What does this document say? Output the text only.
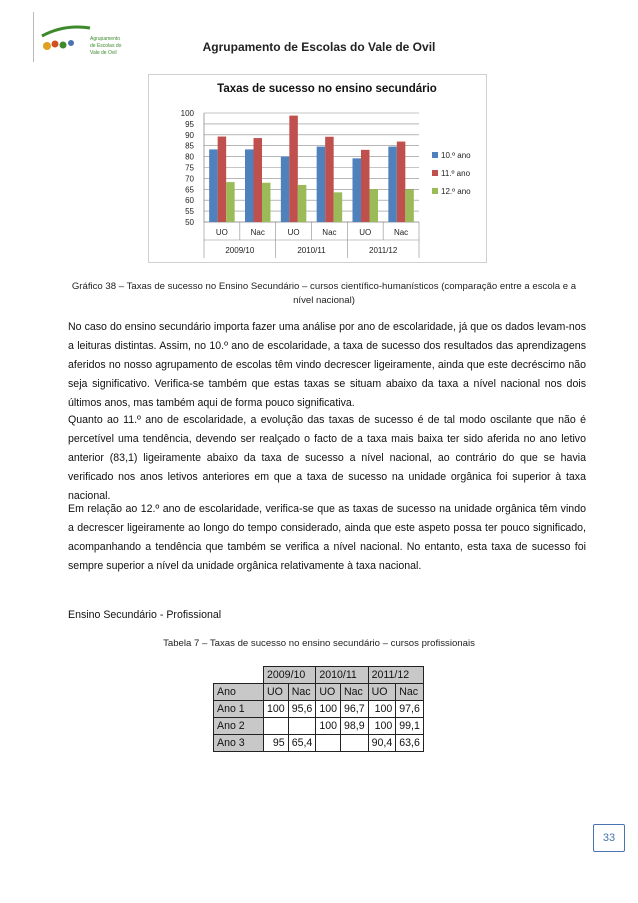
Agrupamento
de Escolas do
Vale de Ovil	Agrupamento de Escolas do Vale de Ovil
Taxas de sucesso no ensino secundário
50
55
60
65
70
75
80
85
90
95
100
UO	Nac	UO	Nac	UO	Nac
2009/10	2010/11	2011/12
10.º ano
11.º ano
12.º ano
Gráfico 38 – Taxas de sucesso no Ensino Secundário – cursos científico-humanísticos (comparação entre a escola e a nível nacional)

No caso do ensino secundário importa fazer uma análise por ano de escolaridade, já que os dados levam-nos a leituras distintas. Assim, no 10.º ano de escolaridade, a taxa de sucesso dos resultados das aprendizagens aferidos no nosso agrupamento de escolas têm vindo decrescer ligeiramente, ainda que este decréscimo não seja significativo. Verifica-se também que estas taxas se situam abaixo da taxa a nível nacional nos dois últimos anos, mas também aqui de forma pouco significativa.

Quanto ao 11.º ano de escolaridade, a evolução das taxas de sucesso é de tal modo oscilante que não é percetível uma tendência, devendo ser realçado o facto de a taxa mais baixa ter sido aferida no ano letivo anterior (83,1) ligeiramente abaixo da taxa de sucesso a nível nacional, ao contrário do que se havia verificado nos anos letivos anteriores em que a taxa de sucesso na unidade orgânica foi superior à taxa nacional.

Em relação ao 12.º ano de escolaridade, verifica-se que as taxas de sucesso na unidade orgânica têm vindo a decrescer ligeiramente ao longo do tempo considerado, ainda que este aspeto possa ter pouco significado, acompanhando a tendência que também se verifica a nível nacional. No entanto, esta taxa de sucesso foi sempre superior a nível da unidade orgânica relativamente à taxa nacional.

Ensino Secundário - Profissional
Tabela 7 – Taxas de sucesso no ensino secundário – cursos profissionais
	2009/10		2010/11		2011/12	
Ano	UO	Nac	UO	Nac	UO	Nac
Ano 1	100	95,6	100	96,7	100	97,6
Ano 2			100	98,9	100	99,1
Ano 3	95	65,4			90,4	63,6
33
